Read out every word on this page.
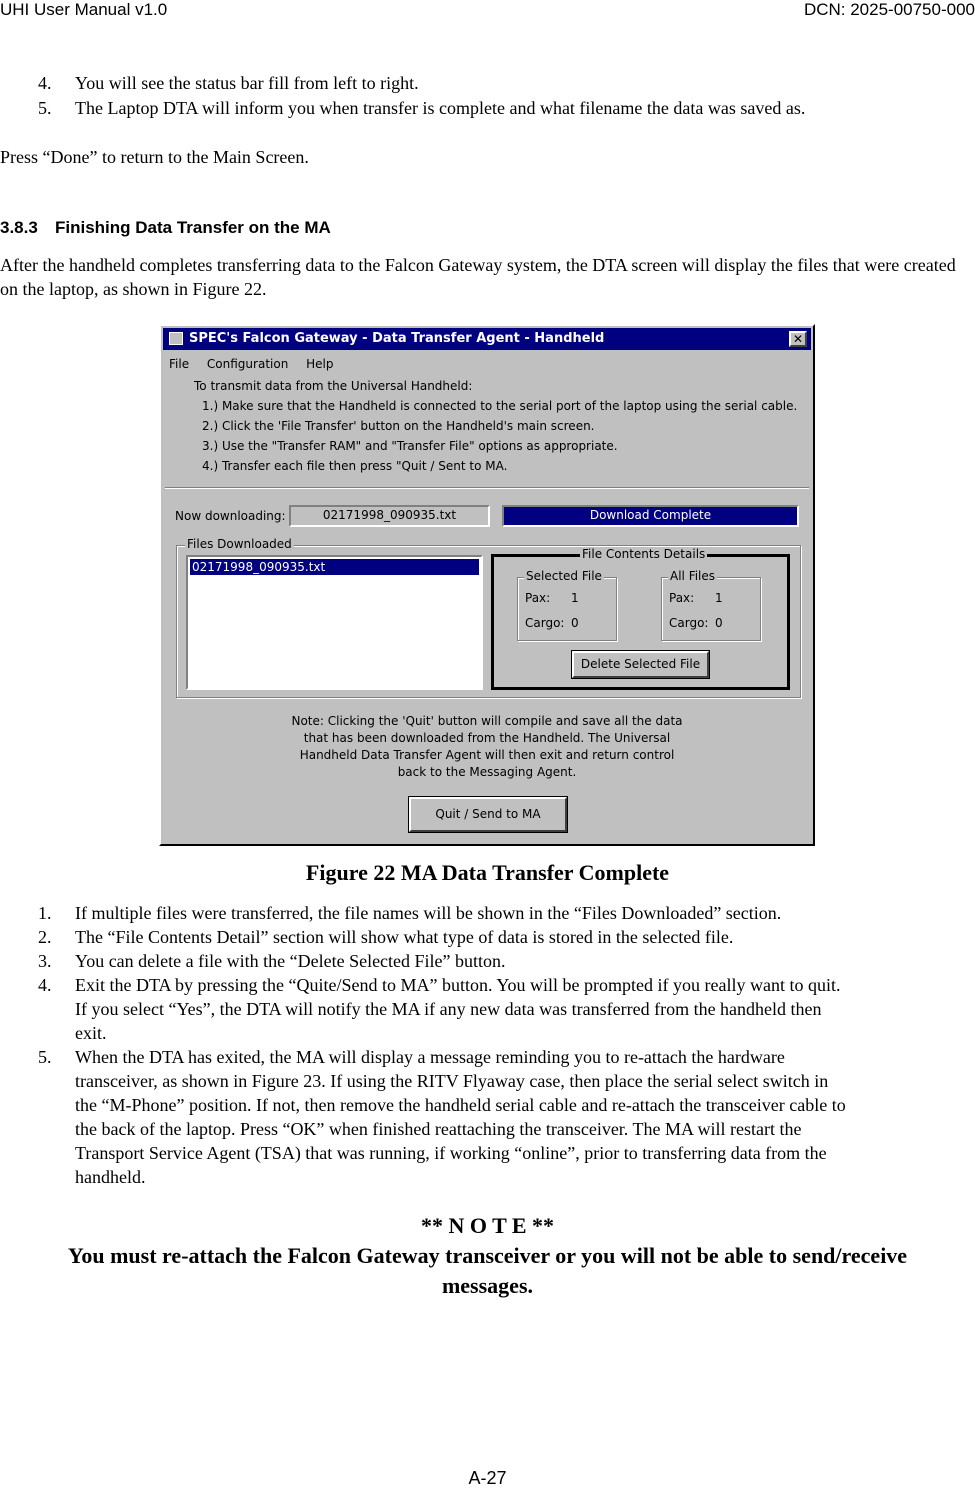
UHI User Manual v1.0	DCN: 2025-00750-000
4.	You will see the status bar fill from left to right.
5.	The Laptop DTA will inform you when transfer is complete and what filename the data was saved as.

Press “Done” to return to the Main Screen.

3.8.3 Finishing Data Transfer on the MA

After the handheld completes transferring data to the Falcon Gateway system, the DTA screen will display the files that were created on the laptop, as shown in Figure 22.

SPEC's Falcon Gateway - Data Transfer Agent - Handheld	✕
File Configuration Help
To transmit data from the Universal Handheld:
1.) Make sure that the Handheld is connected to the serial port of the laptop using the serial cable.
2.) Click the 'File Transfer' button on the Handheld's main screen.
3.) Use the "Transfer RAM" and "Transfer File" options as appropriate.
4.) Transfer each file then press "Quit / Sent to MA.
Now downloading:	02171998_090935.txt	Download Complete
Files Downloaded
02171998_090935.txt
File Contents Details
Selected File
Pax: 1
Cargo: 0
All Files
Pax: 1
Cargo: 0
Delete Selected File
Note: Clicking the 'Quit' button will compile and save all the data
that has been downloaded from the Handheld. The Universal
Handheld Data Transfer Agent will then exit and return control
back to the Messaging Agent.
Quit / Send to MA
Figure 22 MA Data Transfer Complete
1.	If multiple files were transferred, the file names will be shown in the “Files Downloaded” section.
2.	The “File Contents Detail” section will show what type of data is stored in the selected file.
3.	You can delete a file with the “Delete Selected File” button.
4.	Exit the DTA by pressing the “Quite/Send to MA” button. You will be prompted if you really want to quit.
If you select “Yes”, the DTA will notify the MA if any new data was transferred from the handheld then
exit.
5.	When the DTA has exited, the MA will display a message reminding you to re-attach the hardware
transceiver, as shown in Figure 23. If using the RITV Flyaway case, then place the serial select switch in
the “M-Phone” position. If not, then remove the handheld serial cable and re-attach the transceiver cable to
the back of the laptop. Press “OK” when finished reattaching the transceiver. The MA will restart the
Transport Service Agent (TSA) that was running, if working “online”, prior to transferring data from the
handheld.
** N O T E **
You must re-attach the Falcon Gateway transceiver or you will not be able to send/receive
messages.
A-27
